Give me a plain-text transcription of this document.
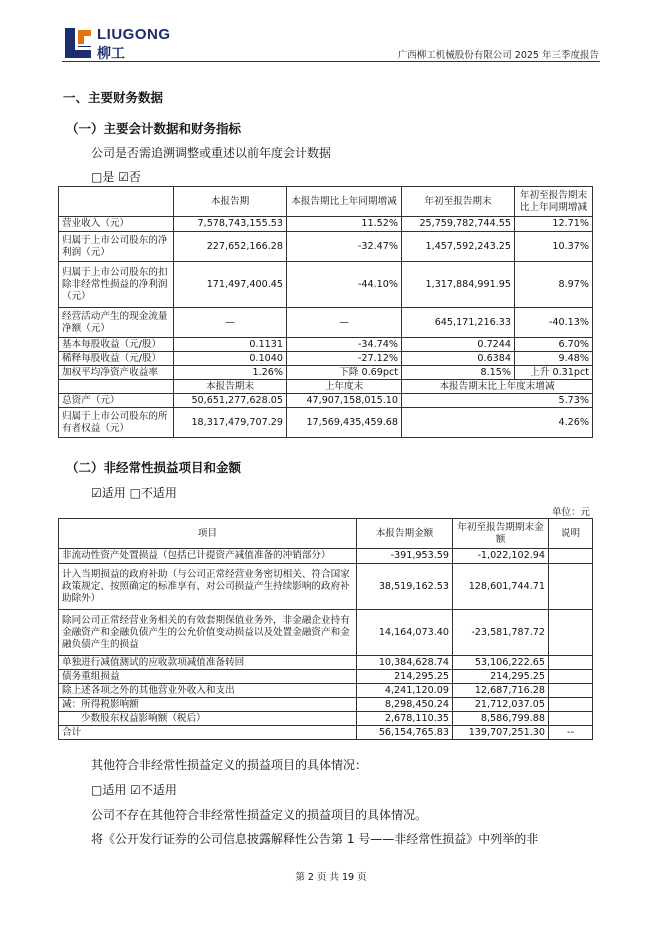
LIUGONG
柳工	广西柳工机械股份有限公司 2025 年三季度报告
一、主要财务数据
（一）主要会计数据和财务指标
公司是否需追溯调整或重述以前年度会计数据
□是 ☑否
	本报告期	本报告期比上年同期增减	年初至报告期末	年初至报告期末比上年同期增减
营业收入（元）	7,578,743,155.53	11.52%	25,759,782,744.55	12.71%
归属于上市公司股东的净利润（元）	227,652,166.28	-32.47%	1,457,592,243.25	10.37%
归属于上市公司股东的扣除非经常性损益的净利润（元）	171,497,400.45	-44.10%	1,317,884,991.95	8.97%
经营活动产生的现金流量净额（元）	—	—	645,171,216.33	-40.13%
基本每股收益（元/股）	0.1131	-34.74%	0.7244	6.70%
稀释每股收益（元/股）	0.1040	-27.12%	0.6384	9.48%
加权平均净资产收益率	1.26%	下降 0.69pct	8.15%	上升 0.31pct
	本报告期末	上年度末	本报告期末比上年度末增减	
总资产（元）	50,651,277,628.05	47,907,158,015.10	5.73%	
归属于上市公司股东的所有者权益（元）	18,317,479,707.29	17,569,435,459.68	4.26%	
（二）非经常性损益项目和金额
☑适用 □不适用
单位：元
项目	本报告期金额	年初至报告期期末金额	说明
非流动性资产处置损益（包括已计提资产减值准备的冲销部分）	-391,953.59	-1,022,102.94	
计入当期损益的政府补助（与公司正常经营业务密切相关、符合国家政策规定、按照确定的标准享有、对公司损益产生持续影响的政府补助除外）	38,519,162.53	128,601,744.71	
除同公司正常经营业务相关的有效套期保值业务外，非金融企业持有金融资产和金融负债产生的公允价值变动损益以及处置金融资产和金融负债产生的损益	14,164,073.40	-23,581,787.72	
单独进行减值测试的应收款项减值准备转回	10,384,628.74	53,106,222.65	
债务重组损益	214,295.25	214,295.25	
除上述各项之外的其他营业外收入和支出	4,241,120.09	12,687,716.28	
减：所得税影响额	8,298,450.24	21,712,037.05	
少数股东权益影响额（税后）	2,678,110.35	8,586,799.88	
合计	56,154,765.83	139,707,251.30	--
其他符合非经常性损益定义的损益项目的具体情况：
□适用 ☑不适用
公司不存在其他符合非经常性损益定义的损益项目的具体情况。
将《公开发行证券的公司信息披露解释性公告第 1 号——非经常性损益》中列举的非
第 2 页 共 19 页
